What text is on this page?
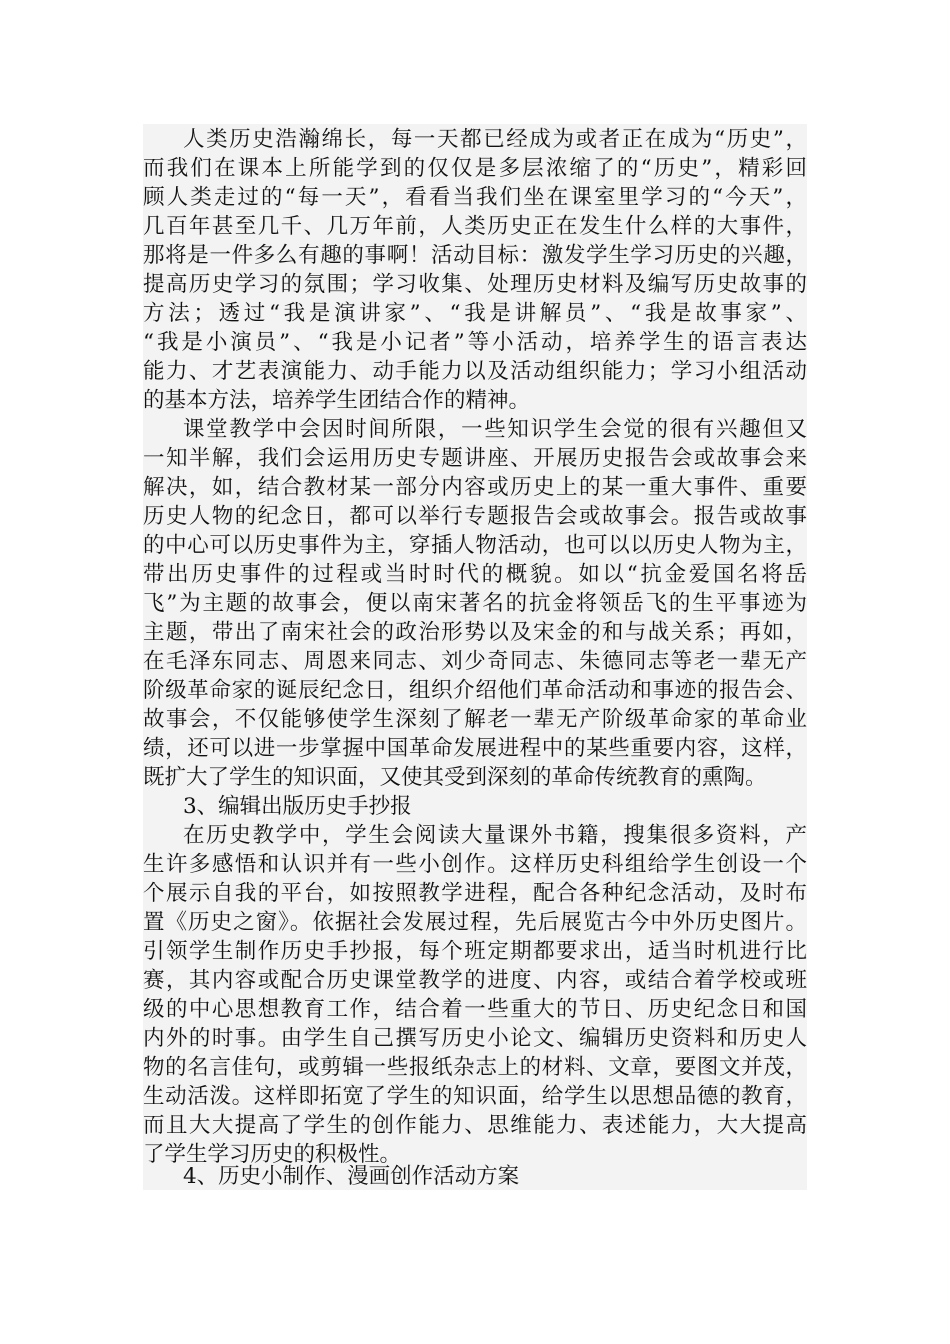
人类历史浩瀚绵长，每一天都已经成为或者正在成为“历史”，
而我们在课本上所能学到的仅仅是多层浓缩了的“历史”，精彩回
顾人类走过的“每一天”，看看当我们坐在课室里学习的“今天”，
几百年甚至几千、几万年前，人类历史正在发生什么样的大事件，
那将是一件多么有趣的事啊！活动目标：激发学生学习历史的兴趣，
提高历史学习的氛围；学习收集、处理历史材料及编写历史故事的
方法；透过“我是演讲家”、“我是讲解员”、“我是故事家”、
“我是小演员”、“我是小记者”等小活动，培养学生的语言表达
能力、才艺表演能力、动手能力以及活动组织能力；学习小组活动
的基本方法，培养学生团结合作的精神。
课堂教学中会因时间所限，一些知识学生会觉的很有兴趣但又
一知半解，我们会运用历史专题讲座、开展历史报告会或故事会来
解决，如，结合教材某一部分内容或历史上的某一重大事件、重要
历史人物的纪念日，都可以举行专题报告会或故事会。报告或故事
的中心可以历史事件为主，穿插人物活动，也可以以历史人物为主，
带出历史事件的过程或当时时代的概貌。如以“抗金爱国名将岳
飞”为主题的故事会，便以南宋著名的抗金将领岳飞的生平事迹为
主题，带出了南宋社会的政治形势以及宋金的和与战关系；再如，
在毛泽东同志、周恩来同志、刘少奇同志、朱德同志等老一辈无产
阶级革命家的诞辰纪念日，组织介绍他们革命活动和事迹的报告会、
故事会，不仅能够使学生深刻了解老一辈无产阶级革命家的革命业
绩，还可以进一步掌握中国革命发展进程中的某些重要内容，这样，
既扩大了学生的知识面，又使其受到深刻的革命传统教育的熏陶。
3、编辑出版历史手抄报
在历史教学中，学生会阅读大量课外书籍，搜集很多资料，产
生许多感悟和认识并有一些小创作。这样历史科组给学生创设一个
个展示自我的平台，如按照教学进程，配合各种纪念活动，及时布
置《历史之窗》。依据社会发展过程，先后展览古今中外历史图片。
引领学生制作历史手抄报，每个班定期都要求出，适当时机进行比
赛，其内容或配合历史课堂教学的进度、内容，或结合着学校或班
级的中心思想教育工作，结合着一些重大的节日、历史纪念日和国
内外的时事。由学生自己撰写历史小论文、编辑历史资料和历史人
物的名言佳句，或剪辑一些报纸杂志上的材料、文章，要图文并茂，
生动活泼。这样即拓宽了学生的知识面，给学生以思想品德的教育，
而且大大提高了学生的创作能力、思维能力、表述能力，大大提高
了学生学习历史的积极性。
4、历史小制作、漫画创作活动方案
